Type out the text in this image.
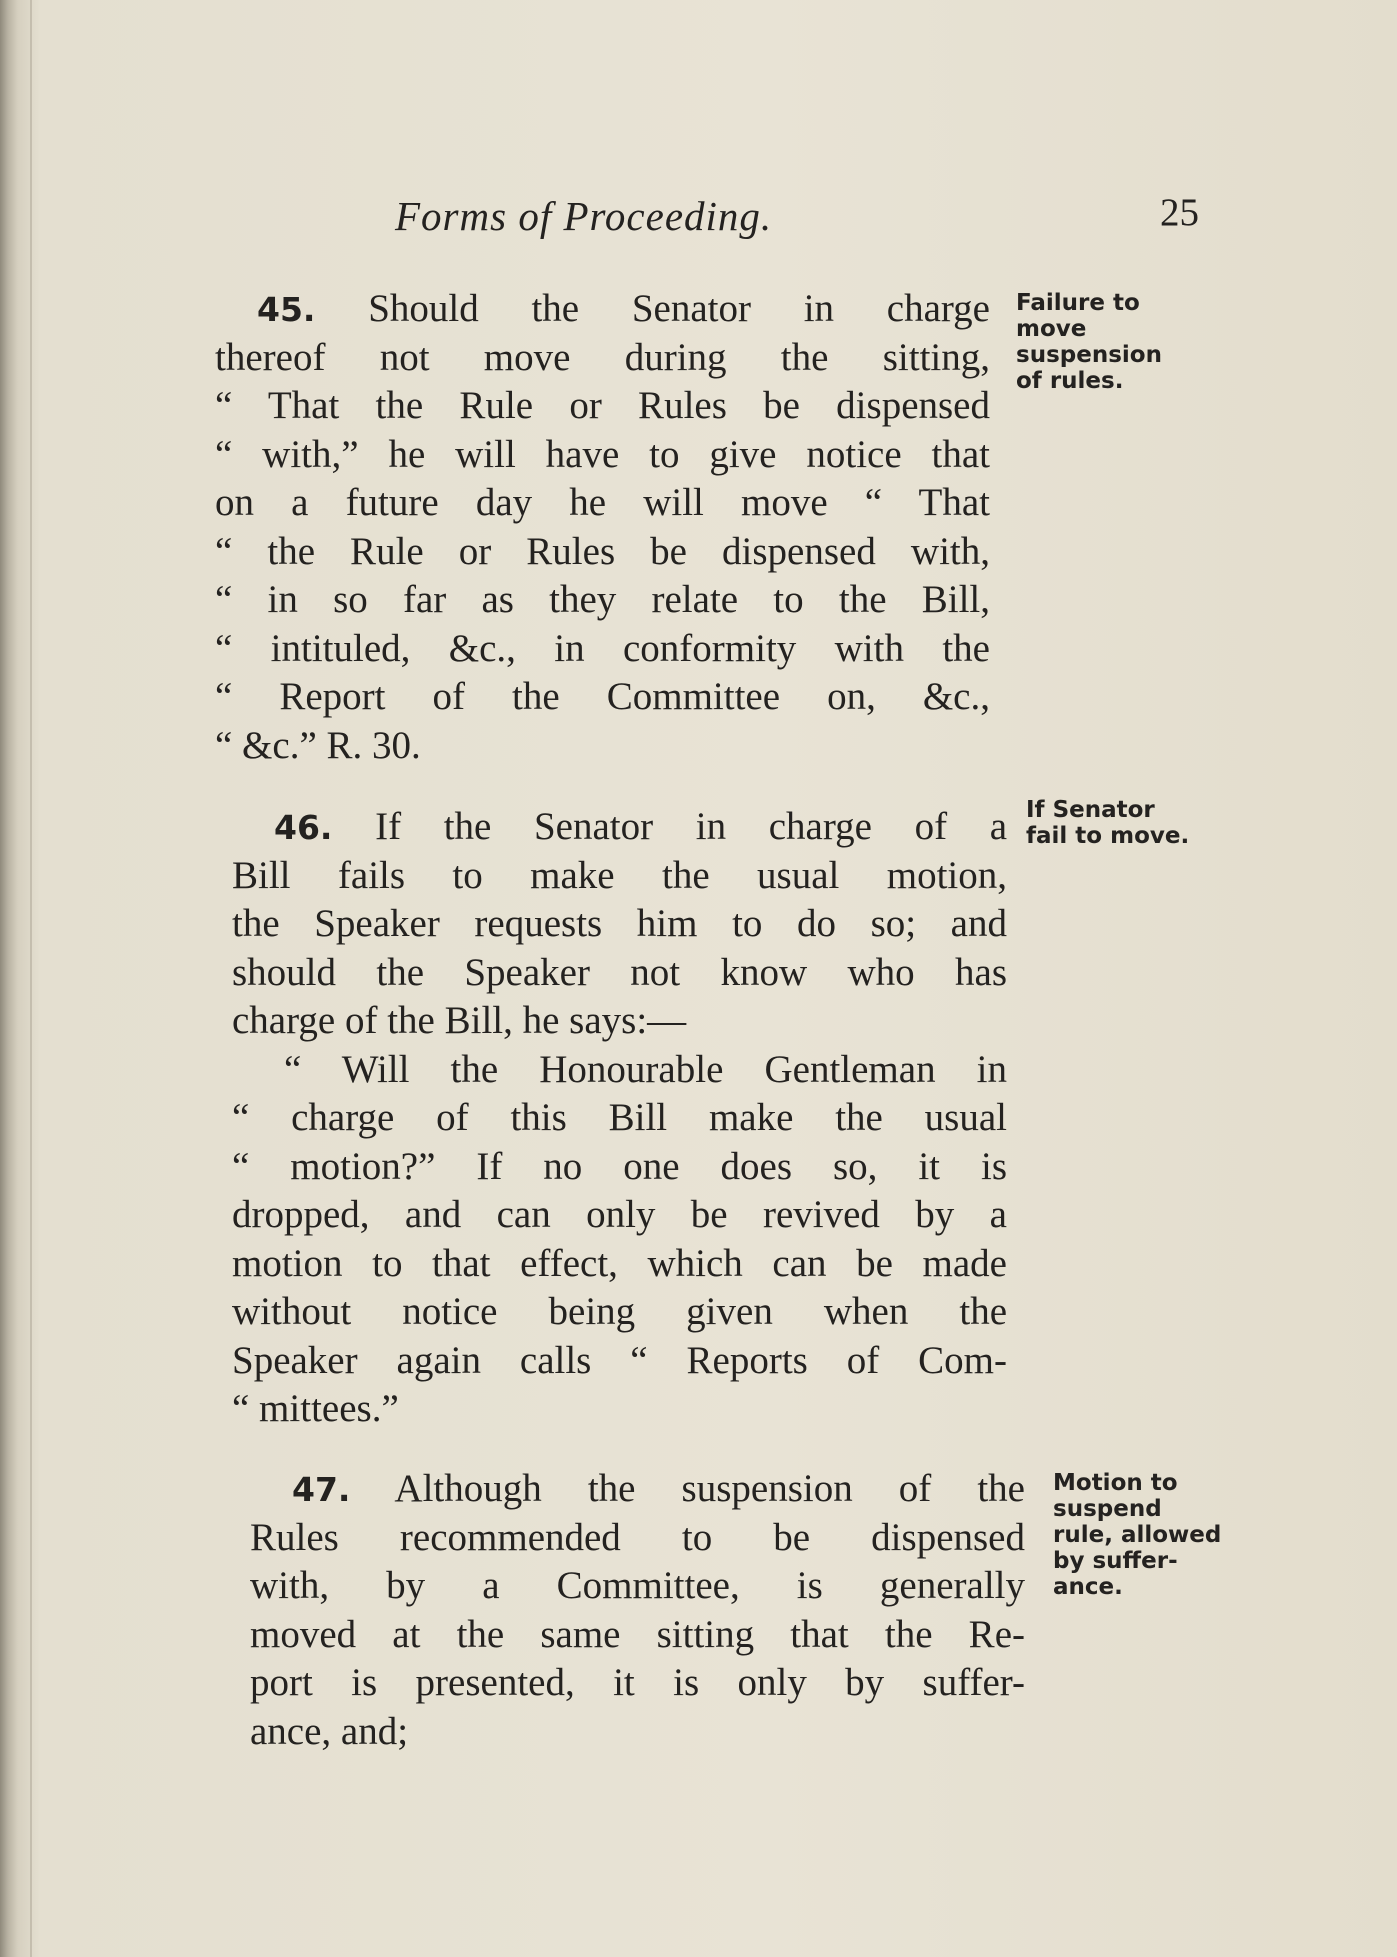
Forms of Proceeding.	25
45. Should the Senator in charge
thereof not move during the sitting,
“ That the Rule or Rules be dispensed
“ with,” he will have to give notice that
on a future day he will move “ That
“ the Rule or Rules be dispensed with,
“ in so far as they relate to the Bill,
“ intituled, &c., in conformity with the
“ Report of the Committee on, &c.,
“ &c.” R. 30.
Failure to
move
suspension
of rules.
46. If the Senator in charge of a
Bill fails to make the usual motion,
the Speaker requests him to do so; and
should the Speaker not know who has
charge of the Bill, he says:—
“ Will the Honourable Gentleman in
“ charge of this Bill make the usual
“ motion?” If no one does so, it is
dropped, and can only be revived by a
motion to that effect, which can be made
without notice being given when the
Speaker again calls “ Reports of Com-
“ mittees.”
If Senator
fail to move.
47. Although the suspension of the
Rules recommended to be dispensed
with, by a Committee, is generally
moved at the same sitting that the Re-
port is presented, it is only by suffer-
ance, and;
Motion to
suspend
rule, allowed
by suffer-
ance.
